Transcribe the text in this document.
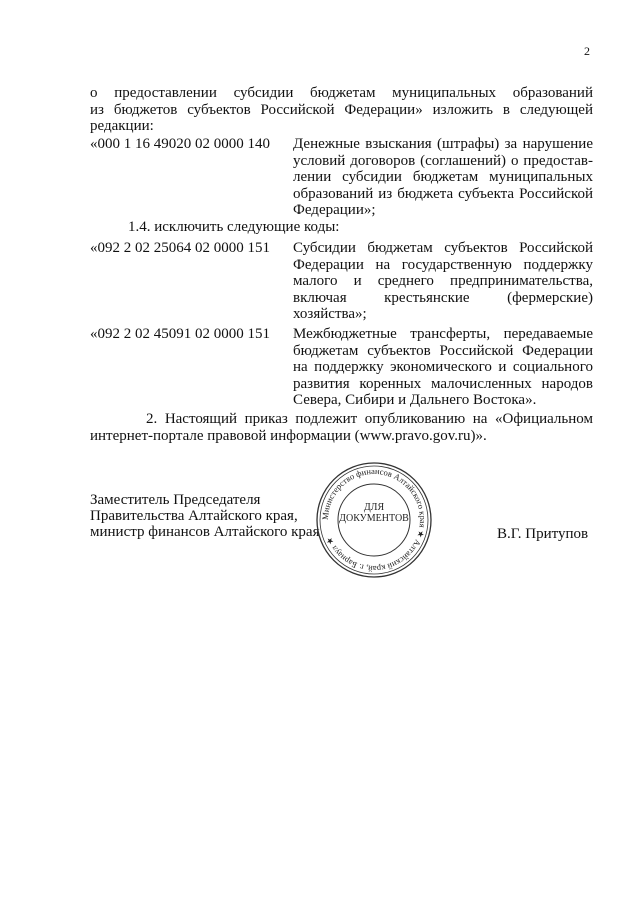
2
о предоставлении субсидии бюджетам муниципальных образований
из бюджетов субъектов Российской Федерации» изложить в следующей
редакции:
«000 1 16 49020 02 0000 140 Денежные взыскания (штрафы) за нарушение
условий договоров (соглашений) о предостав-
лении субсидии бюджетам муниципальных
образований из бюджета субъекта Российской
Федерации»;
1.4. исключить следующие коды:
«092 2 02 25064 02 0000 151 Субсидии бюджетам субъектов Российской
Федерации на государственную поддержку
малого и среднего предпринимательства,
включая крестьянские (фермерские)
хозяйства»;
«092 2 02 45091 02 0000 151 Межбюджетные трансферты, передаваемые
бюджетам субъектов Российской Федерации
на поддержку экономического и социального
развития коренных малочисленных народов
Севера, Сибири и Дальнего Востока».
2. Настоящий приказ подлежит опубликованию на «Официальном
интернет-портале правовой информации (www.pravo.gov.ru)».
Заместитель Председателя
Правительства Алтайского края,
министр финансов Алтайского края
Министерство финансов Алтайского края ★ Алтайский край, г. Барнаул ★
ДЛЯ
ДОКУМЕНТОВ
В.Г. Притупов
